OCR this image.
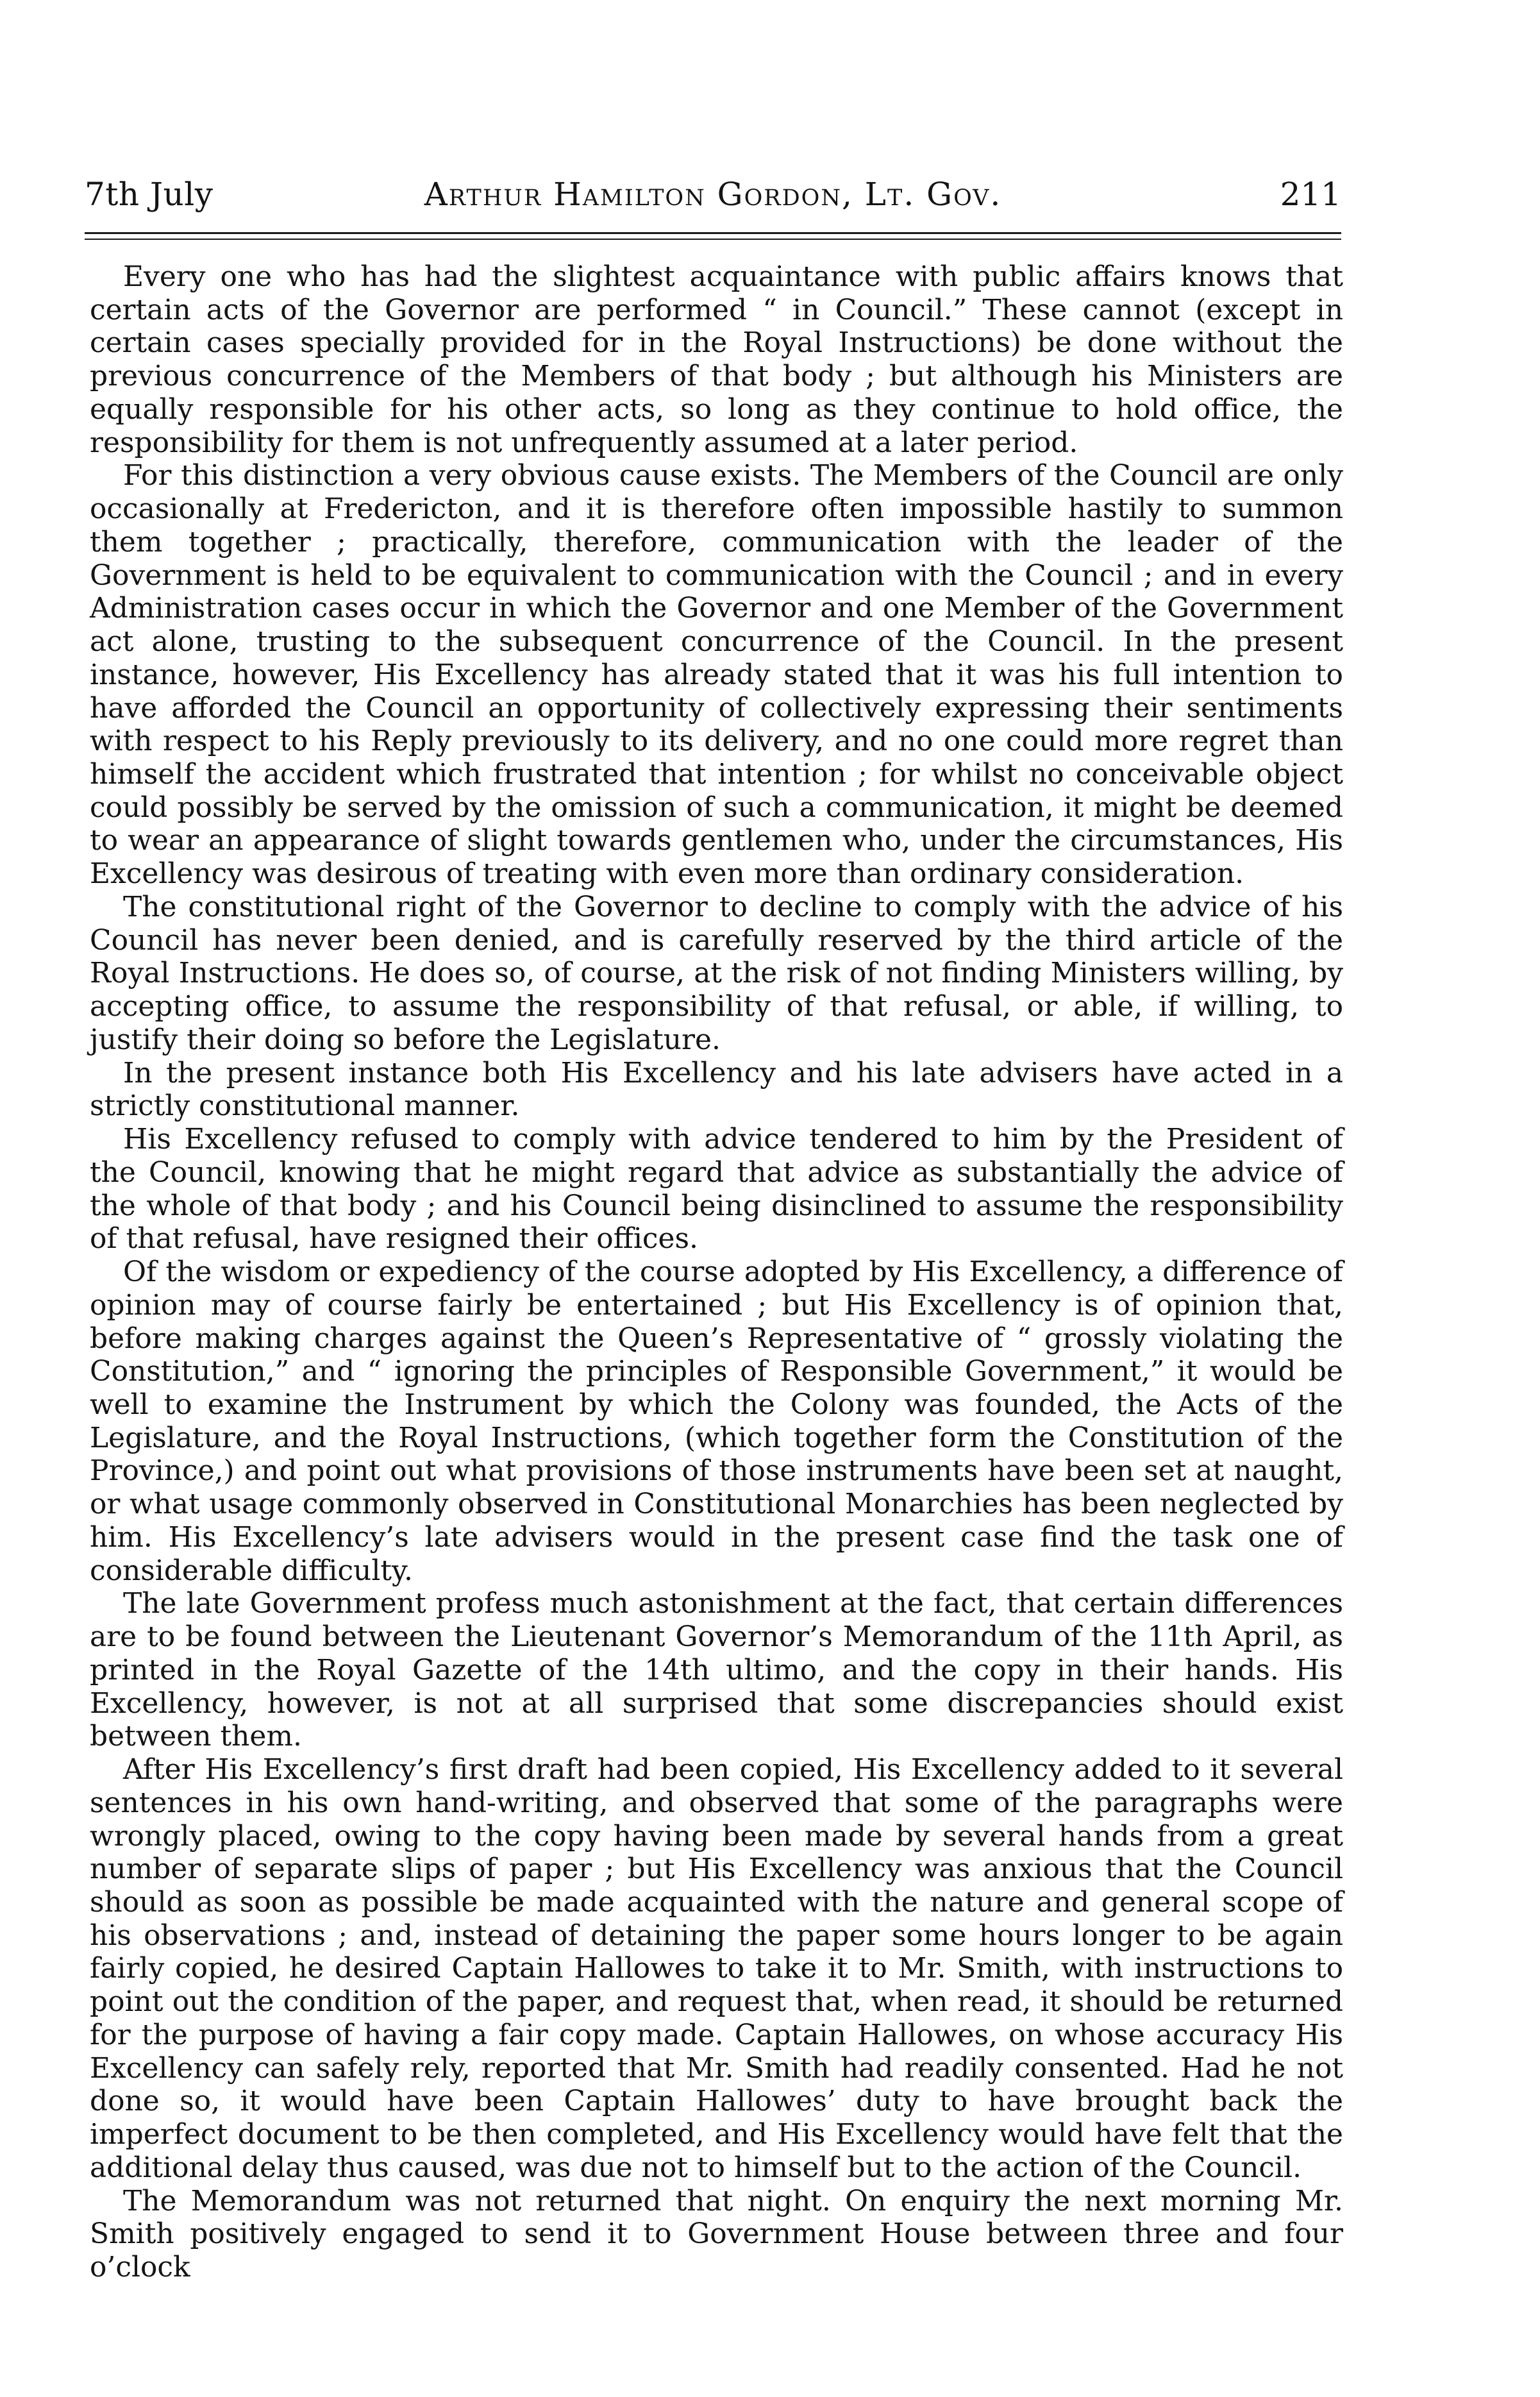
7th July	Arthur Hamilton Gordon, Lt. Gov.	211

Every one who has had the slightest acquaintance with public affairs knows that certain acts of the Governor are performed “ in Council.” These cannot (except in certain cases specially provided for in the Royal Instructions) be done without the previous concurrence of the Members of that body ; but although his Ministers are equally responsible for his other acts, so long as they continue to hold office, the responsibility for them is not unfrequently assumed at a later period.

For this distinction a very obvious cause exists. The Members of the Council are only occasionally at Fredericton, and it is therefore often impossible hastily to summon them together ; practically, therefore, communication with the leader of the Government is held to be equivalent to communication with the Council ; and in every Administration cases occur in which the Governor and one Member of the Government act alone, trusting to the subsequent concurrence of the Council. In the present instance, however, His Excellency has already stated that it was his full intention to have afforded the Council an opportunity of collectively expressing their sentiments with respect to his Reply previously to its delivery, and no one could more regret than himself the accident which frustrated that intention ; for whilst no conceivable object could possibly be served by the omission of such a communication, it might be deemed to wear an appearance of slight towards gentlemen who, under the circumstances, His Excellency was desirous of treating with even more than ordinary consideration.

The constitutional right of the Governor to decline to comply with the advice of his Council has never been denied, and is carefully reserved by the third article of the Royal Instructions. He does so, of course, at the risk of not finding Ministers willing, by accepting office, to assume the responsibility of that refusal, or able, if willing, to justify their doing so before the Legislature.

In the present instance both His Excellency and his late advisers have acted in a strictly constitutional manner.

His Excellency refused to comply with advice tendered to him by the President of the Council, knowing that he might regard that advice as substantially the advice of the whole of that body ; and his Council being disinclined to assume the responsibility of that refusal, have resigned their offices.

Of the wisdom or expediency of the course adopted by His Excellency, a difference of opinion may of course fairly be entertained ; but His Excellency is of opinion that, before making charges against the Queen’s Representative of “ grossly violating the Constitution,” and “ ignoring the principles of Responsible Government,” it would be well to examine the Instrument by which the Colony was founded, the Acts of the Legislature, and the Royal Instructions, (which together form the Constitution of the Province,) and point out what provisions of those instruments have been set at naught, or what usage commonly observed in Constitutional Monarchies has been neglected by him. His Excellency’s late advisers would in the present case find the task one of considerable difficulty.

The late Government profess much astonishment at the fact, that certain differences are to be found between the Lieutenant Governor’s Memorandum of the 11th April, as printed in the Royal Gazette of the 14th ultimo, and the copy in their hands. His Excellency, however, is not at all surprised that some discrepancies should exist between them.

After His Excellency’s first draft had been copied, His Excellency added to it several sentences in his own hand-writing, and observed that some of the paragraphs were wrongly placed, owing to the copy having been made by several hands from a great number of separate slips of paper ; but His Excellency was anxious that the Council should as soon as possible be made acquainted with the nature and general scope of his observations ; and, instead of detaining the paper some hours longer to be again fairly copied, he desired Captain Hallowes to take it to Mr. Smith, with instructions to point out the condition of the paper, and request that, when read, it should be returned for the purpose of having a fair copy made. Captain Hallowes, on whose accuracy His Excellency can safely rely, reported that Mr. Smith had readily consented. Had he not done so, it would have been Captain Hallowes’ duty to have brought back the imperfect document to be then completed, and His Excellency would have felt that the additional delay thus caused, was due not to himself but to the action of the Council.

The Memorandum was not returned that night. On enquiry the next morning Mr. Smith positively engaged to send it to Government House between three and four o’clock
